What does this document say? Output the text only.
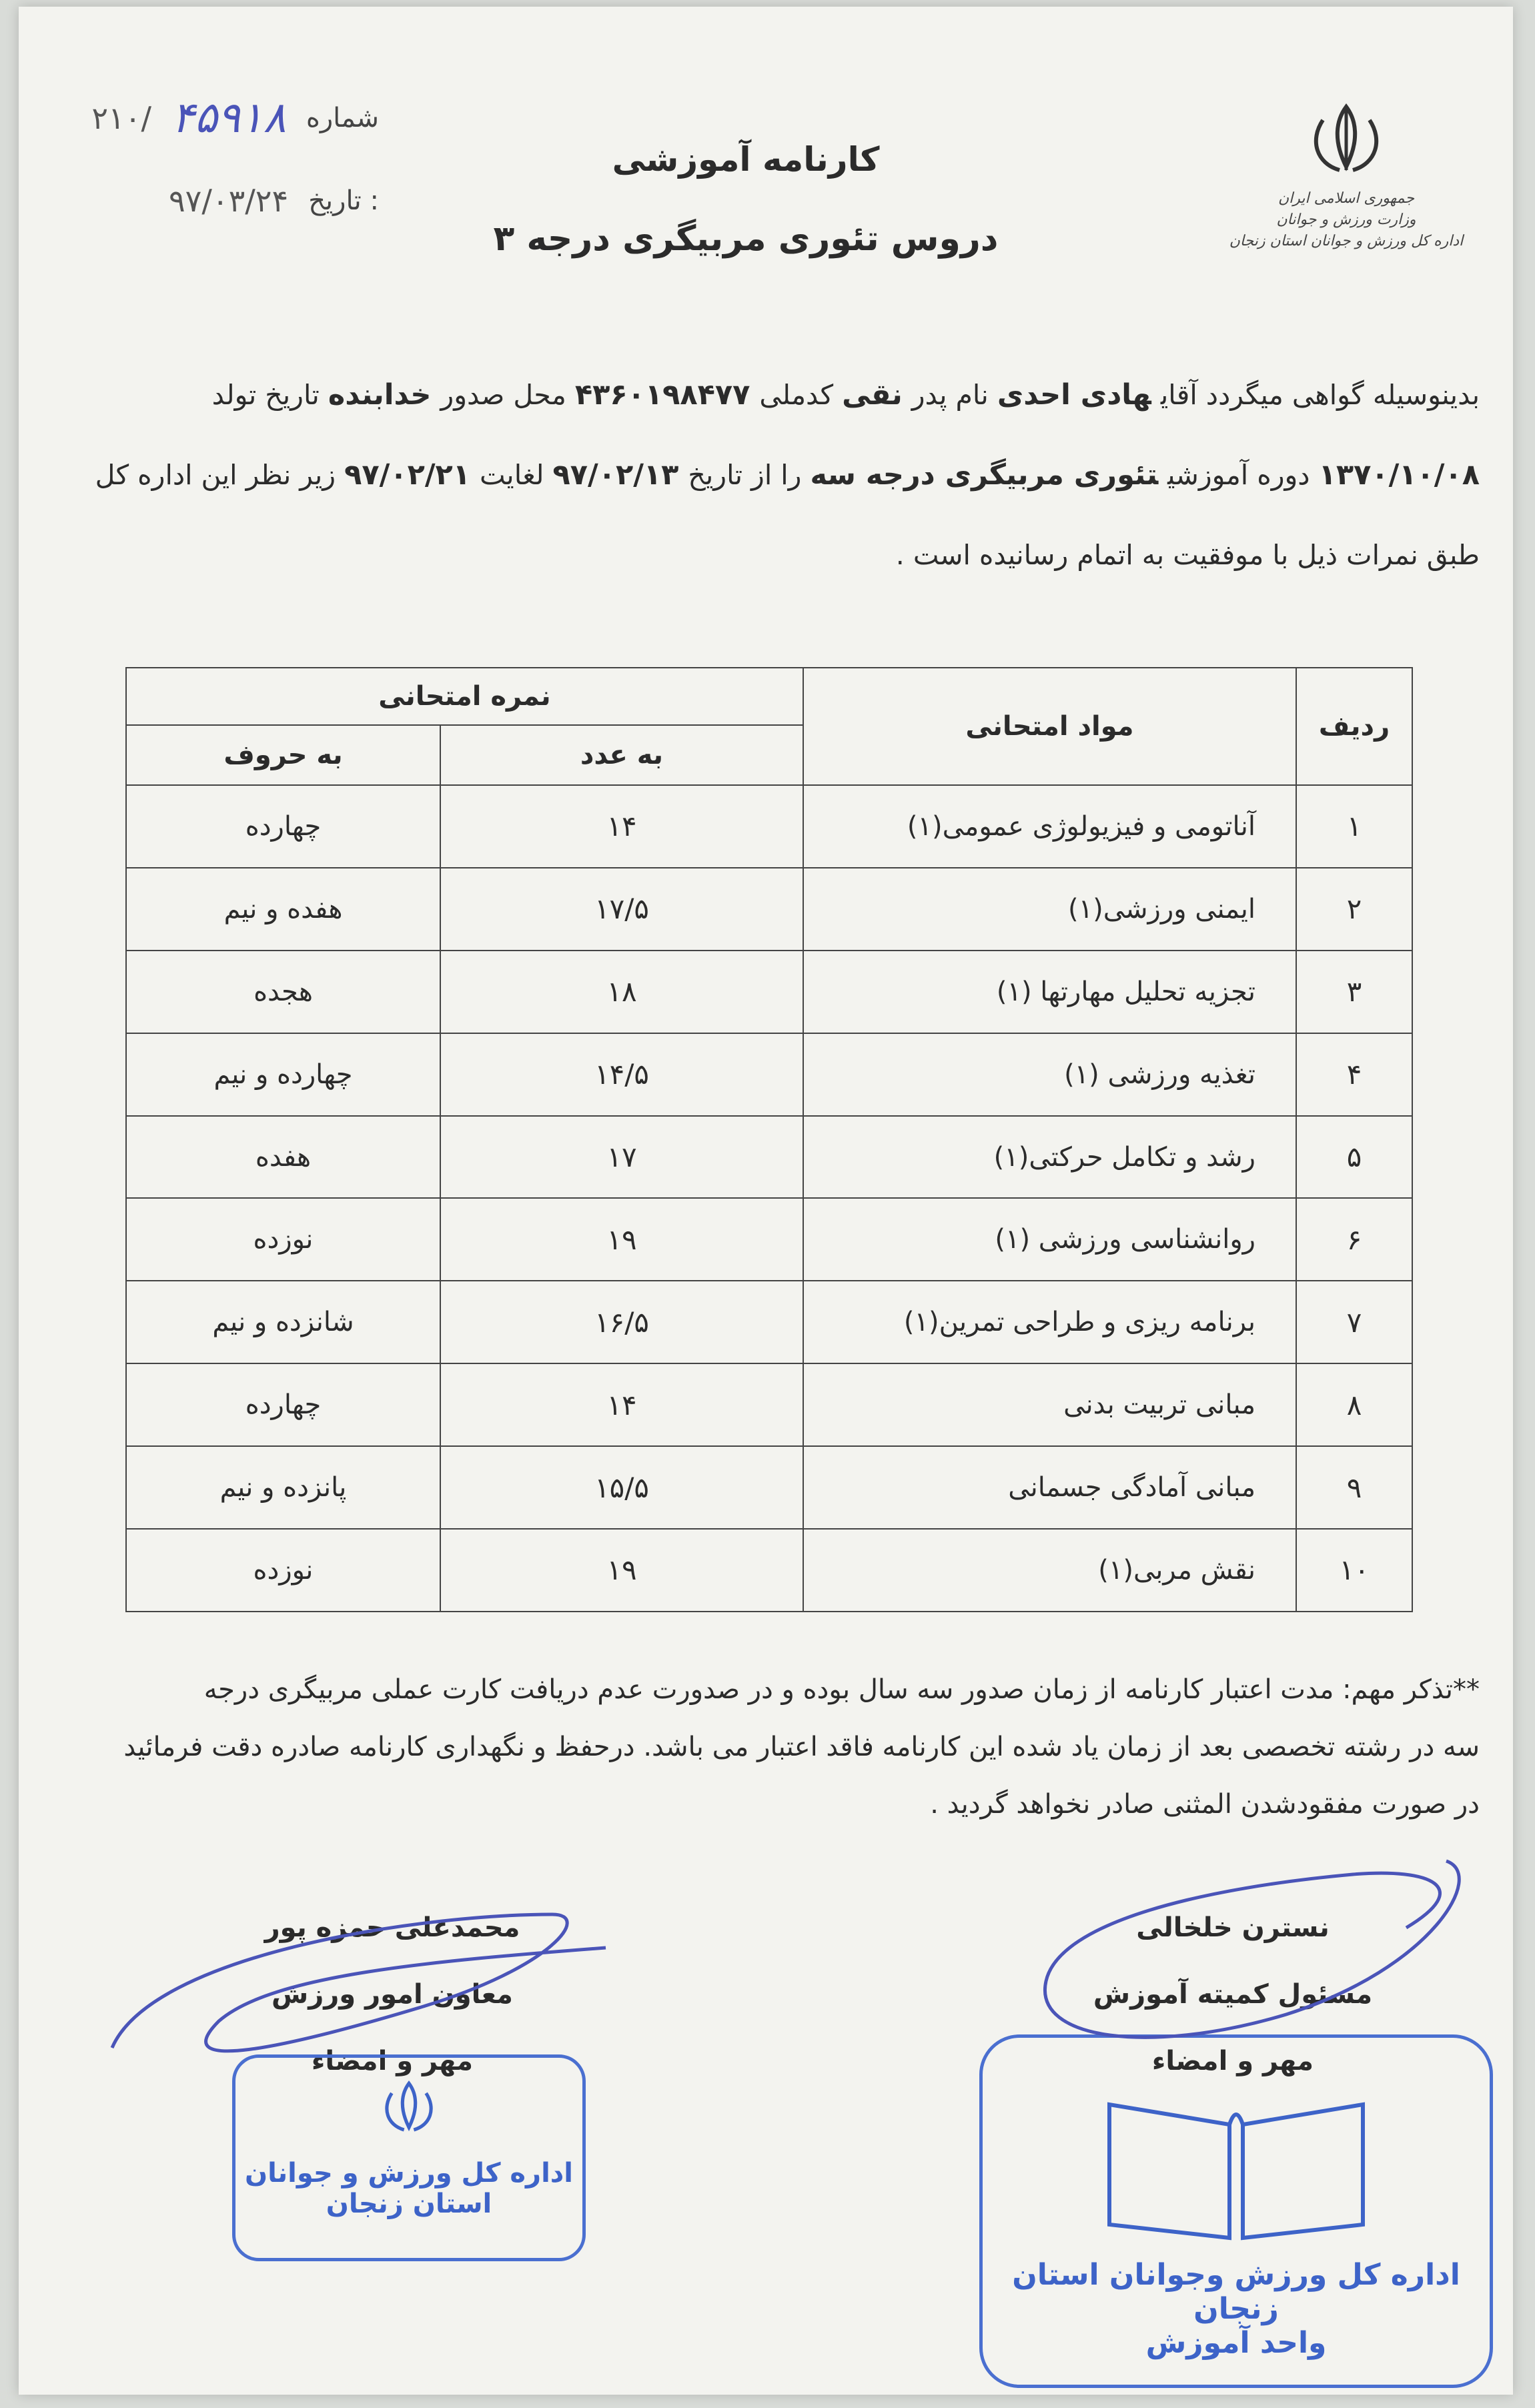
شماره
۴۵۹۱۸
۲۱۰/
تاریخ :
۹۷/۰۳/۲۴
کارنامه آموزشی
دروس تئوری مربیگری درجه ۳
جمهوری اسلامی ایران
وزارت ورزش و جوانان
اداره کل ورزش و جوانان استان زنجان
بدینوسیله گواهی میگردد آقایهادی احدی نام پدرنقی کدملی۴۳۶۰۱۹۸۴۷۷ محل صدورخدابنده تاریخ تولد
۱۳۷۰/۱۰/۰۸ دوره آموزشیتئوری مربیگری درجه سه را از تاریخ۹۷/۰۲/۱۳ لغایت۹۷/۰۲/۲۱ زیر نظر این اداره کل
طبق نمرات ذیل با موفقیت به اتمام رسانیده است .
ردیف	مواد امتحانی	نمره امتحانی	
		به عدد	به حروف
۱	آناتومی و فیزیولوژی عمومی(۱)	۱۴	چهارده
۲	ایمنی ورزشی(۱)	۱۷/۵	هفده و نیم
۳	تجزیه تحلیل مهارتها (۱)	۱۸	هجده
۴	تغذیه ورزشی (۱)	۱۴/۵	چهارده و نیم
۵	رشد و تکامل حرکتی(۱)	۱۷	هفده
۶	روانشناسی ورزشی (۱)	۱۹	نوزده
۷	برنامه ریزی و طراحی تمرین(۱)	۱۶/۵	شانزده و نیم
۸	مبانی تربیت بدنی	۱۴	چهارده
۹	مبانی آمادگی جسمانی	۱۵/۵	پانزده و نیم
۱۰	نقش مربی(۱)	۱۹	نوزده
**تذکر مهم: مدت اعتبار کارنامه از زمان صدور سه سال بوده و در صدورت عدم دریافت کارت عملی مربیگری درجه
سه در رشته تخصصی بعد از زمان یاد شده این کارنامه فاقد اعتبار می باشد. درحفظ و نگهداری کارنامه صادره دقت فرمائید
در صورت مفقودشدن المثنی صادر نخواهد گردید .
محمدعلی حمزه پور
معاون امور ورزش
مهر و امضاء
نسترن خلخالی
مسئول کمیته آموزش
مهر و امضاء
اداره کل ورزش و جوانان
استان زنجان
اداره کل ورزش وجوانان استان زنجان
واحد آموزش
